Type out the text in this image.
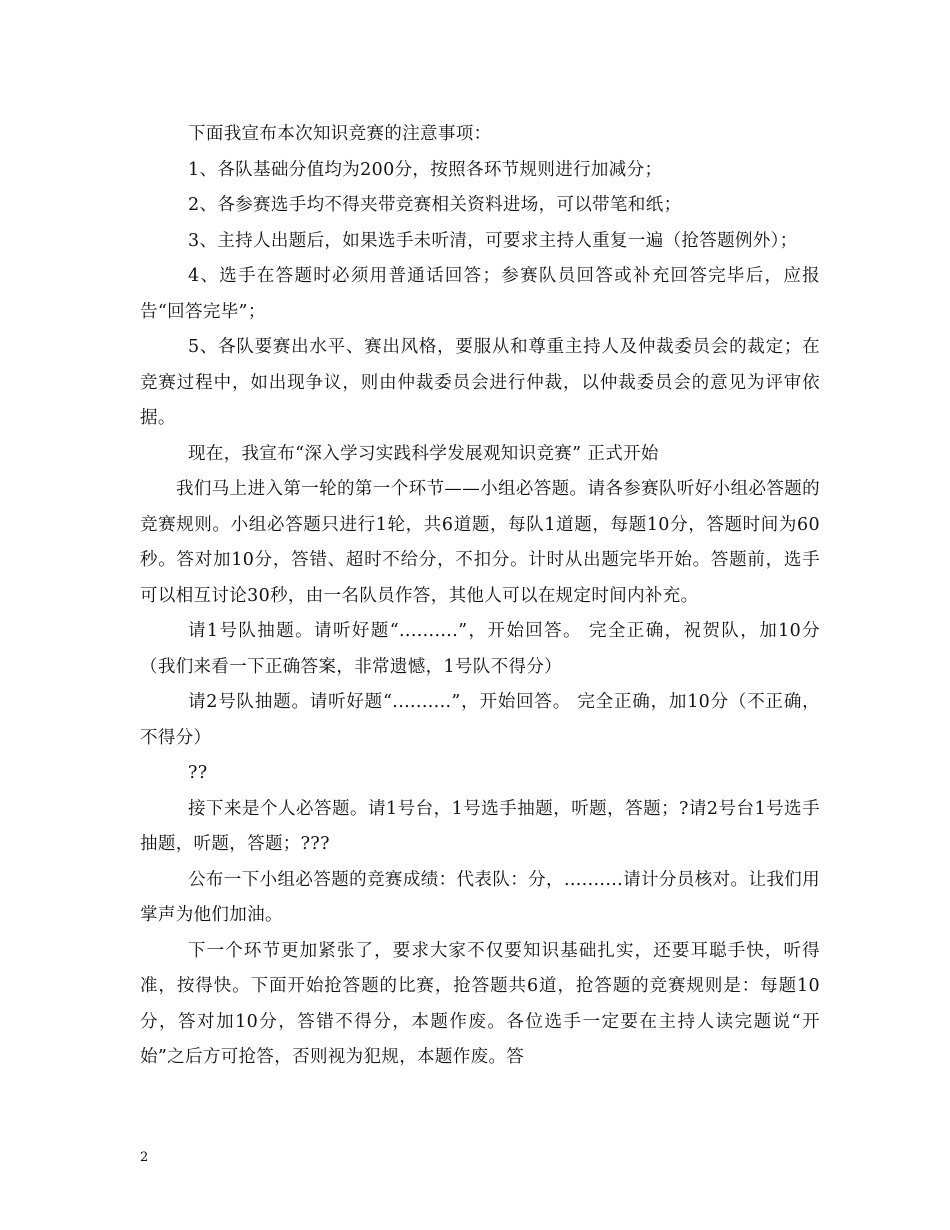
下面我宣布本次知识竞赛的注意事项：

1、各队基础分值均为200分，按照各环节规则进行加减分；

2、各参赛选手均不得夹带竞赛相关资料进场，可以带笔和纸；

3、主持人出题后，如果选手未听清，可要求主持人重复一遍（抢答题例外）；

4、选手在答题时必须用普通话回答；参赛队员回答或补充回答完毕后，应报告“回答完毕”；

5、各队要赛出水平、赛出风格，要服从和尊重主持人及仲裁委员会的裁定；在竞赛过程中，如出现争议，则由仲裁委员会进行仲裁，以仲裁委员会的意见为评审依据。

现在，我宣布“深入学习实践科学发展观知识竞赛” 正式开始

我们马上进入第一轮的第一个环节——小组必答题。请各参赛队听好小组必答题的竞赛规则。小组必答题只进行1轮，共6道题，每队1道题，每题10分，答题时间为60秒。答对加10分，答错、超时不给分，不扣分。计时从出题完毕开始。答题前，选手可以相互讨论30秒，由一名队员作答，其他人可以在规定时间内补充。

请1号队抽题。请听好题“..........”，开始回答。 完全正确，祝贺队，加10分（我们来看一下正确答案，非常遗憾，1号队不得分）

请2号队抽题。请听好题“..........”，开始回答。 完全正确，加10分（不正确，不得分）

??

接下来是个人必答题。请1号台，1号选手抽题，听题，答题；?请2号台1号选手抽题，听题，答题；???

公布一下小组必答题的竞赛成绩：代表队：分，..........请计分员核对。让我们用掌声为他们加油。

下一个环节更加紧张了，要求大家不仅要知识基础扎实，还要耳聪手快，听得准，按得快。下面开始抢答题的比赛，抢答题共6道，抢答题的竞赛规则是：每题10分，答对加10分，答错不得分，本题作废。各位选手一定要在主持人读完题说“开始”之后方可抢答，否则视为犯规，本题作废。答

2
